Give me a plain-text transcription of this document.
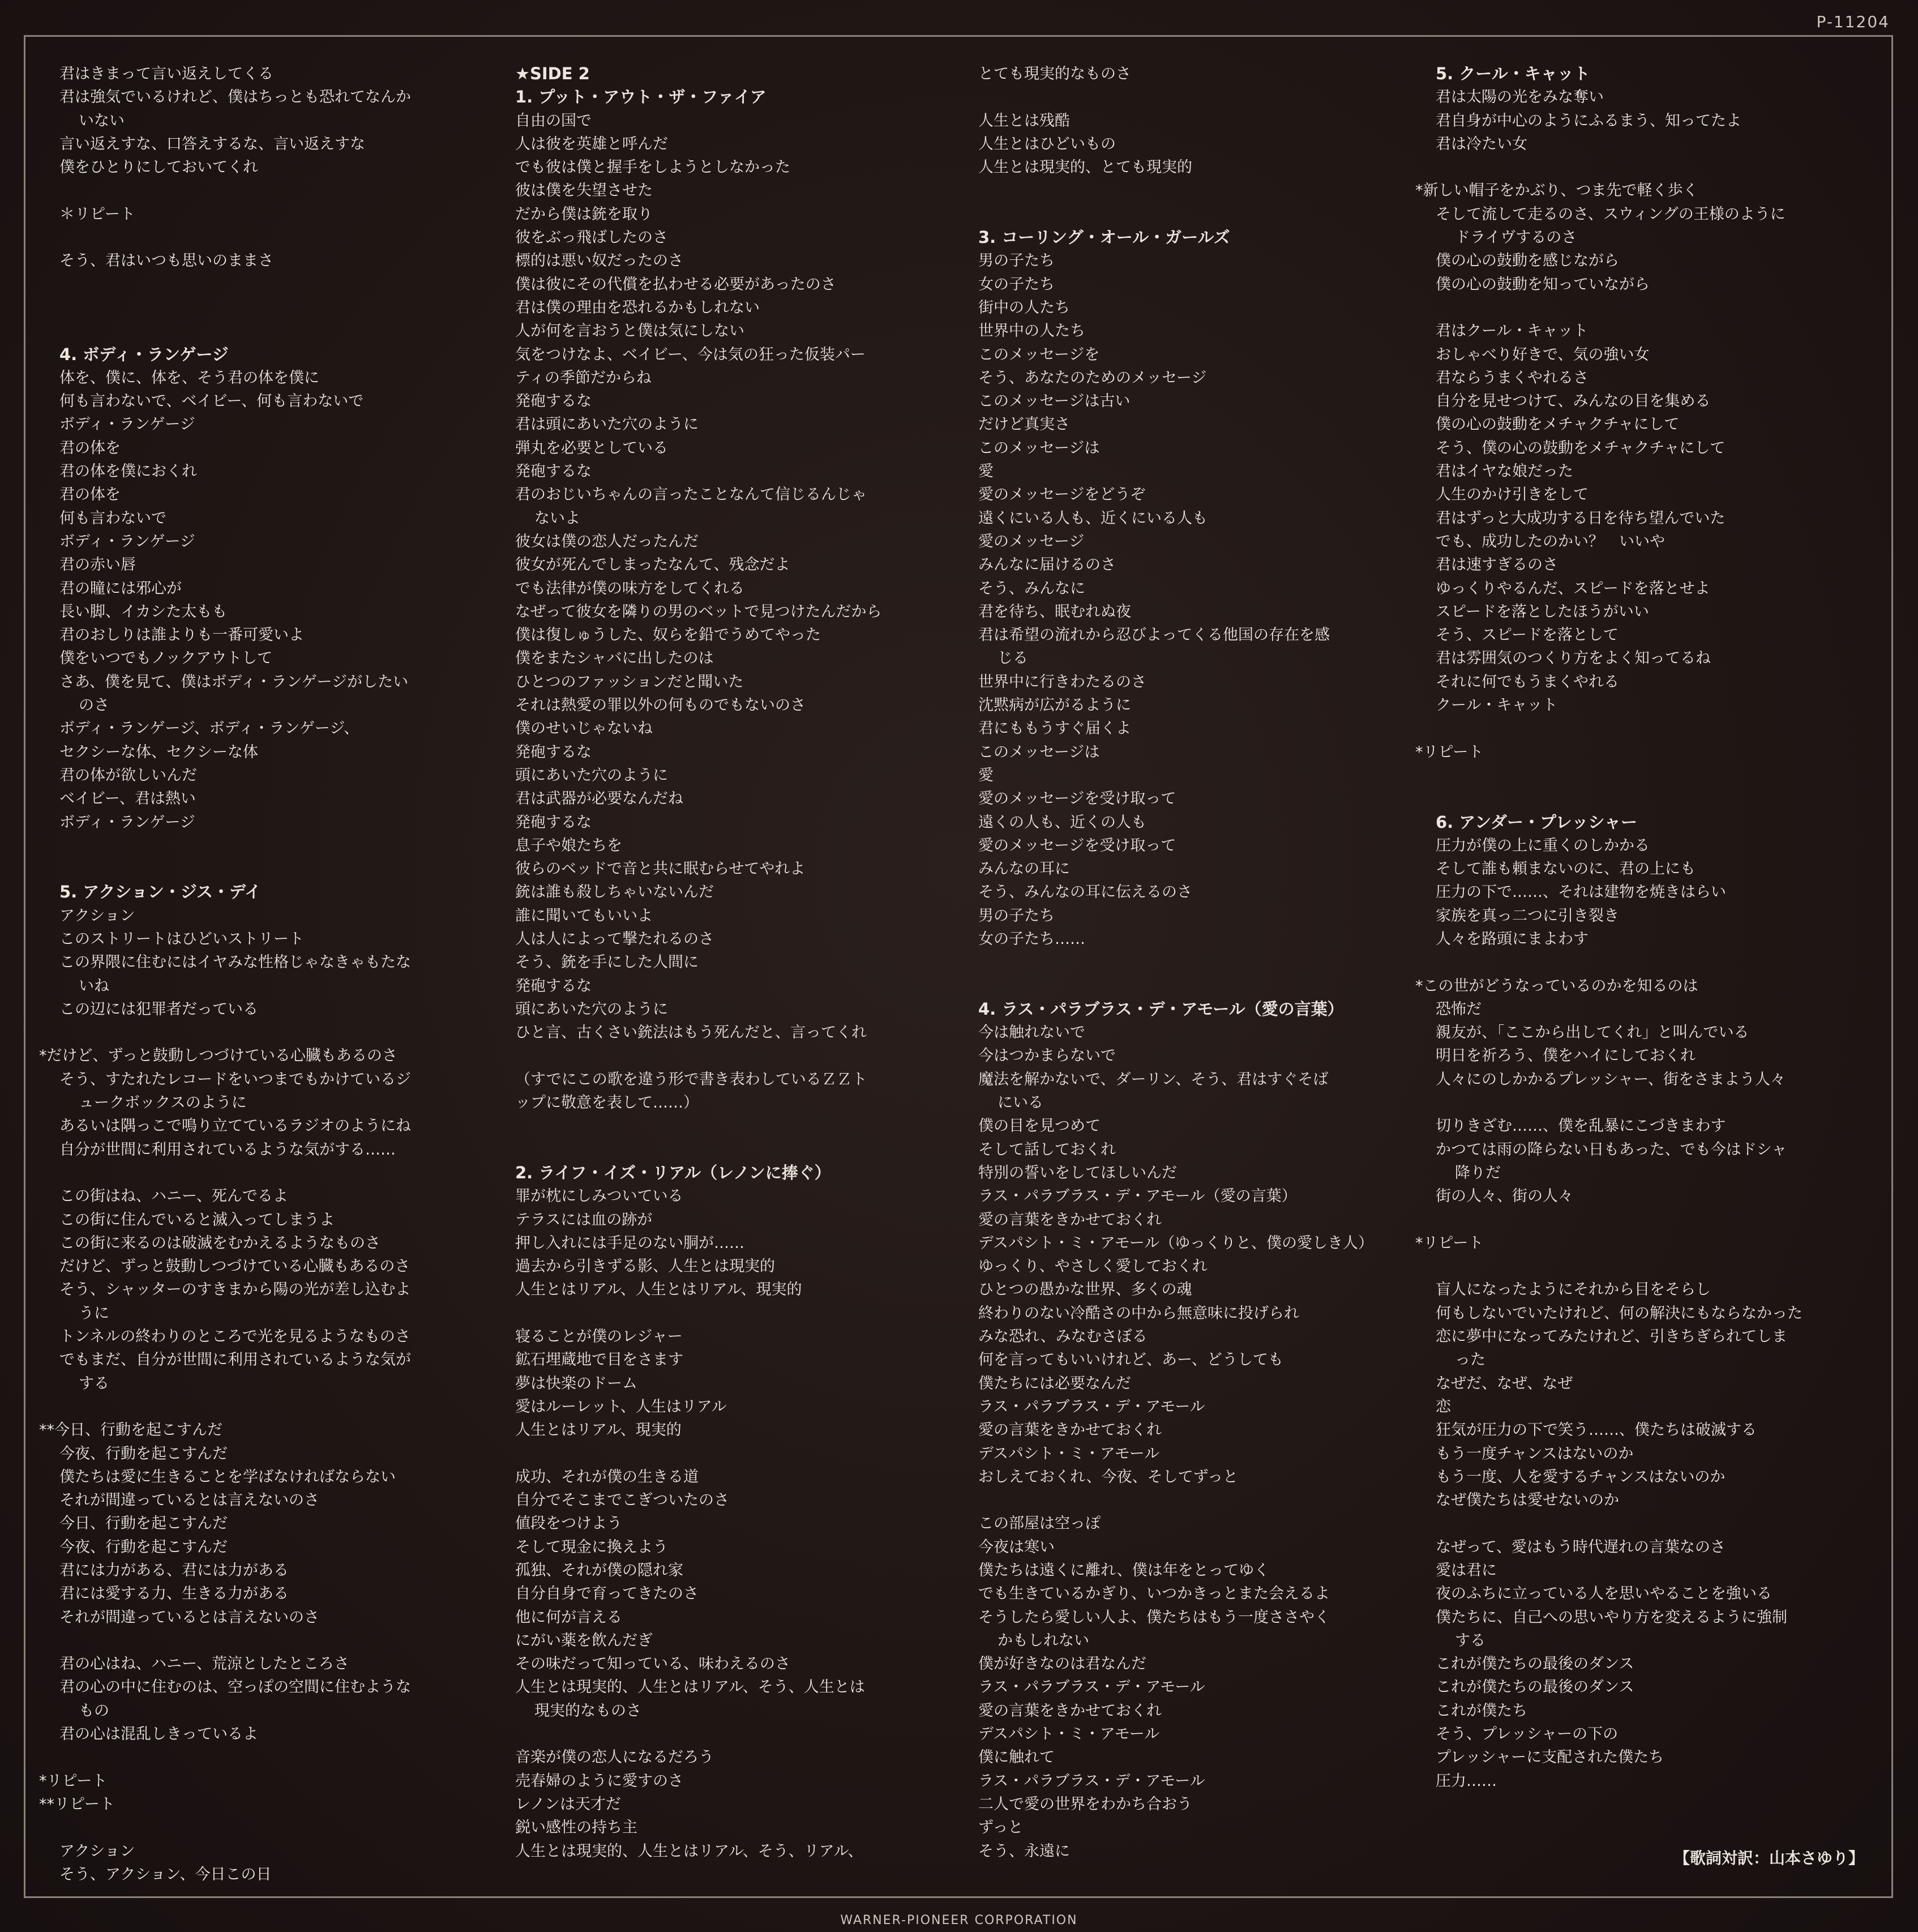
P-11204
君はきまって言い返えしてくる
君は強気でいるけれど、僕はちっとも恐れてなんか
いない
言い返えすな、口答えするな、言い返えすな
僕をひとりにしておいてくれ
＊リピート
そう、君はいつも思いのままさ
4. ボディ・ランゲージ
体を、僕に、体を、そう君の体を僕に
何も言わないで、ベイビー、何も言わないで
ボディ・ランゲージ
君の体を
君の体を僕におくれ
君の体を
何も言わないで
ボディ・ランゲージ
君の赤い唇
君の瞳には邪心が
長い脚、イカシた太もも
君のおしりは誰よりも一番可愛いよ
僕をいつでもノックアウトして
さあ、僕を見て、僕はボディ・ランゲージがしたい
のさ
ボディ・ランゲージ、ボディ・ランゲージ、
セクシーな体、セクシーな体
君の体が欲しいんだ
ベイビー、君は熱い
ボディ・ランゲージ
5. アクション・ジス・デイ
アクション
このストリートはひどいストリート
この界隈に住むにはイヤみな性格じゃなきゃもたな
いね
この辺には犯罪者だっている
*だけど、ずっと鼓動しつづけている心臓もあるのさ
そう、すたれたレコードをいつまでもかけているジ
ュークボックスのように
あるいは隅っこで鳴り立てているラジオのようにね
自分が世間に利用されているような気がする……
この街はね、ハニー、死んでるよ
この街に住んでいると滅入ってしまうよ
この街に来るのは破滅をむかえるようなものさ
だけど、ずっと鼓動しつづけている心臓もあるのさ
そう、シャッターのすきまから陽の光が差し込むよ
うに
トンネルの終わりのところで光を見るようなものさ
でもまだ、自分が世間に利用されているような気が
する
**今日、行動を起こすんだ
今夜、行動を起こすんだ
僕たちは愛に生きることを学ばなければならない
それが間違っているとは言えないのさ
今日、行動を起こすんだ
今夜、行動を起こすんだ
君には力がある、君には力がある
君には愛する力、生きる力がある
それが間違っているとは言えないのさ
君の心はね、ハニー、荒涼としたところさ
君の心の中に住むのは、空っぽの空間に住むような
もの
君の心は混乱しきっているよ
*リピート
**リピート
アクション
そう、アクション、今日この日
★SIDE 2
1. プット・アウト・ザ・ファイア
自由の国で
人は彼を英雄と呼んだ
でも彼は僕と握手をしようとしなかった
彼は僕を失望させた
だから僕は銃を取り
彼をぶっ飛ばしたのさ
標的は悪い奴だったのさ
僕は彼にその代償を払わせる必要があったのさ
君は僕の理由を恐れるかもしれない
人が何を言おうと僕は気にしない
気をつけなよ、ベイビー、今は気の狂った仮装パー
ティの季節だからね
発砲するな
君は頭にあいた穴のように
弾丸を必要としている
発砲するな
君のおじいちゃんの言ったことなんて信じるんじゃ
ないよ
彼女は僕の恋人だったんだ
彼女が死んでしまったなんて、残念だよ
でも法律が僕の味方をしてくれる
なぜって彼女を隣りの男のベットで見つけたんだから
僕は復しゅうした、奴らを鉛でうめてやった
僕をまたシャバに出したのは
ひとつのファッションだと聞いた
それは熱愛の罪以外の何ものでもないのさ
僕のせいじゃないね
発砲するな
頭にあいた穴のように
君は武器が必要なんだね
発砲するな
息子や娘たちを
彼らのベッドで音と共に眠むらせてやれよ
銃は誰も殺しちゃいないんだ
誰に聞いてもいいよ
人は人によって撃たれるのさ
そう、銃を手にした人間に
発砲するな
頭にあいた穴のように
ひと言、古くさい銃法はもう死んだと、言ってくれ
（すでにこの歌を違う形で書き表わしているＺＺト
ップに敬意を表して……）
2. ライフ・イズ・リアル（レノンに捧ぐ）
罪が枕にしみついている
テラスには血の跡が
押し入れには手足のない胴が……
過去から引きずる影、人生とは現実的
人生とはリアル、人生とはリアル、現実的
寝ることが僕のレジャー
鉱石埋蔵地で目をさます
夢は快楽のドーム
愛はルーレット、人生はリアル
人生とはリアル、現実的
成功、それが僕の生きる道
自分でそこまでこぎついたのさ
値段をつけよう
そして現金に換えよう
孤独、それが僕の隠れ家
自分自身で育ってきたのさ
他に何が言える
にがい薬を飲んだぎ
その味だって知っている、味わえるのさ
人生とは現実的、人生とはリアル、そう、人生とは
現実的なものさ
音楽が僕の恋人になるだろう
売春婦のように愛すのさ
レノンは天才だ
鋭い感性の持ち主
人生とは現実的、人生とはリアル、そう、リアル、
とても現実的なものさ
人生とは残酷
人生とはひどいもの
人生とは現実的、とても現実的
3. コーリング・オール・ガールズ
男の子たち
女の子たち
街中の人たち
世界中の人たち
このメッセージを
そう、あなたのためのメッセージ
このメッセージは古い
だけど真実さ
このメッセージは
愛
愛のメッセージをどうぞ
遠くにいる人も、近くにいる人も
愛のメッセージ
みんなに届けるのさ
そう、みんなに
君を待ち、眠むれぬ夜
君は希望の流れから忍びよってくる他国の存在を感
じる
世界中に行きわたるのさ
沈黙病が広がるように
君にももうすぐ届くよ
このメッセージは
愛
愛のメッセージを受け取って
遠くの人も、近くの人も
愛のメッセージを受け取って
みんなの耳に
そう、みんなの耳に伝えるのさ
男の子たち
女の子たち……
4. ラス・パラブラス・デ・アモール（愛の言葉）
今は触れないで
今はつかまらないで
魔法を解かないで、ダーリン、そう、君はすぐそば
にいる
僕の目を見つめて
そして話しておくれ
特別の誓いをしてほしいんだ
ラス・パラブラス・デ・アモール（愛の言葉）
愛の言葉をきかせておくれ
デスパシト・ミ・アモール（ゆっくりと、僕の愛しき人）
ゆっくり、やさしく愛しておくれ
ひとつの愚かな世界、多くの魂
終わりのない冷酷さの中から無意味に投げられ
みな恐れ、みなむさぼる
何を言ってもいいけれど、あー、どうしても
僕たちには必要なんだ
ラス・パラブラス・デ・アモール
愛の言葉をきかせておくれ
デスパシト・ミ・アモール
おしえておくれ、今夜、そしてずっと
この部屋は空っぽ
今夜は寒い
僕たちは遠くに離れ、僕は年をとってゆく
でも生きているかぎり、いつかきっとまた会えるよ
そうしたら愛しい人よ、僕たちはもう一度ささやく
かもしれない
僕が好きなのは君なんだ
ラス・パラブラス・デ・アモール
愛の言葉をきかせておくれ
デスパシト・ミ・アモール
僕に触れて
ラス・パラブラス・デ・アモール
二人で愛の世界をわかち合おう
ずっと
そう、永遠に
5. クール・キャット
君は太陽の光をみな奪い
君自身が中心のようにふるまう、知ってたよ
君は冷たい女
*新しい帽子をかぶり、つま先で軽く歩く
そして流して走るのさ、スウィングの王様のように
ドライヴするのさ
僕の心の鼓動を感じながら
僕の心の鼓動を知っていながら
君はクール・キャット
おしゃべり好きで、気の強い女
君ならうまくやれるさ
自分を見せつけて、みんなの目を集める
僕の心の鼓動をメチャクチャにして
そう、僕の心の鼓動をメチャクチャにして
君はイヤな娘だった
人生のかけ引きをして
君はずっと大成功する日を待ち望んでいた
でも、成功したのかい？　いいや
君は速すぎるのさ
ゆっくりやるんだ、スピードを落とせよ
スピードを落としたほうがいい
そう、スピードを落として
君は雰囲気のつくり方をよく知ってるね
それに何でもうまくやれる
クール・キャット
*リピート
6. アンダー・プレッシャー
圧力が僕の上に重くのしかかる
そして誰も頼まないのに、君の上にも
圧力の下で……、それは建物を焼きはらい
家族を真っ二つに引き裂き
人々を路頭にまよわす
*この世がどうなっているのかを知るのは
恐怖だ
親友が、「ここから出してくれ」と叫んでいる
明日を祈ろう、僕をハイにしておくれ
人々にのしかかるプレッシャー、街をさまよう人々
切りきざむ……、僕を乱暴にこづきまわす
かつては雨の降らない日もあった、でも今はドシャ
降りだ
街の人々、街の人々
*リピート
盲人になったようにそれから目をそらし
何もしないでいたけれど、何の解決にもならなかった
恋に夢中になってみたけれど、引きちぎられてしま
った
なぜだ、なぜ、なぜ
恋
狂気が圧力の下で笑う……、僕たちは破滅する
もう一度チャンスはないのか
もう一度、人を愛するチャンスはないのか
なぜ僕たちは愛せないのか
なぜって、愛はもう時代遅れの言葉なのさ
愛は君に
夜のふちに立っている人を思いやることを強いる
僕たちに、自己への思いやり方を変えるように強制
する
これが僕たちの最後のダンス
これが僕たちの最後のダンス
これが僕たち
そう、プレッシャーの下の
プレッシャーに支配された僕たち
圧力……
【歌詞対訳：山本さゆり】
WARNER-PIONEER CORPORATION
